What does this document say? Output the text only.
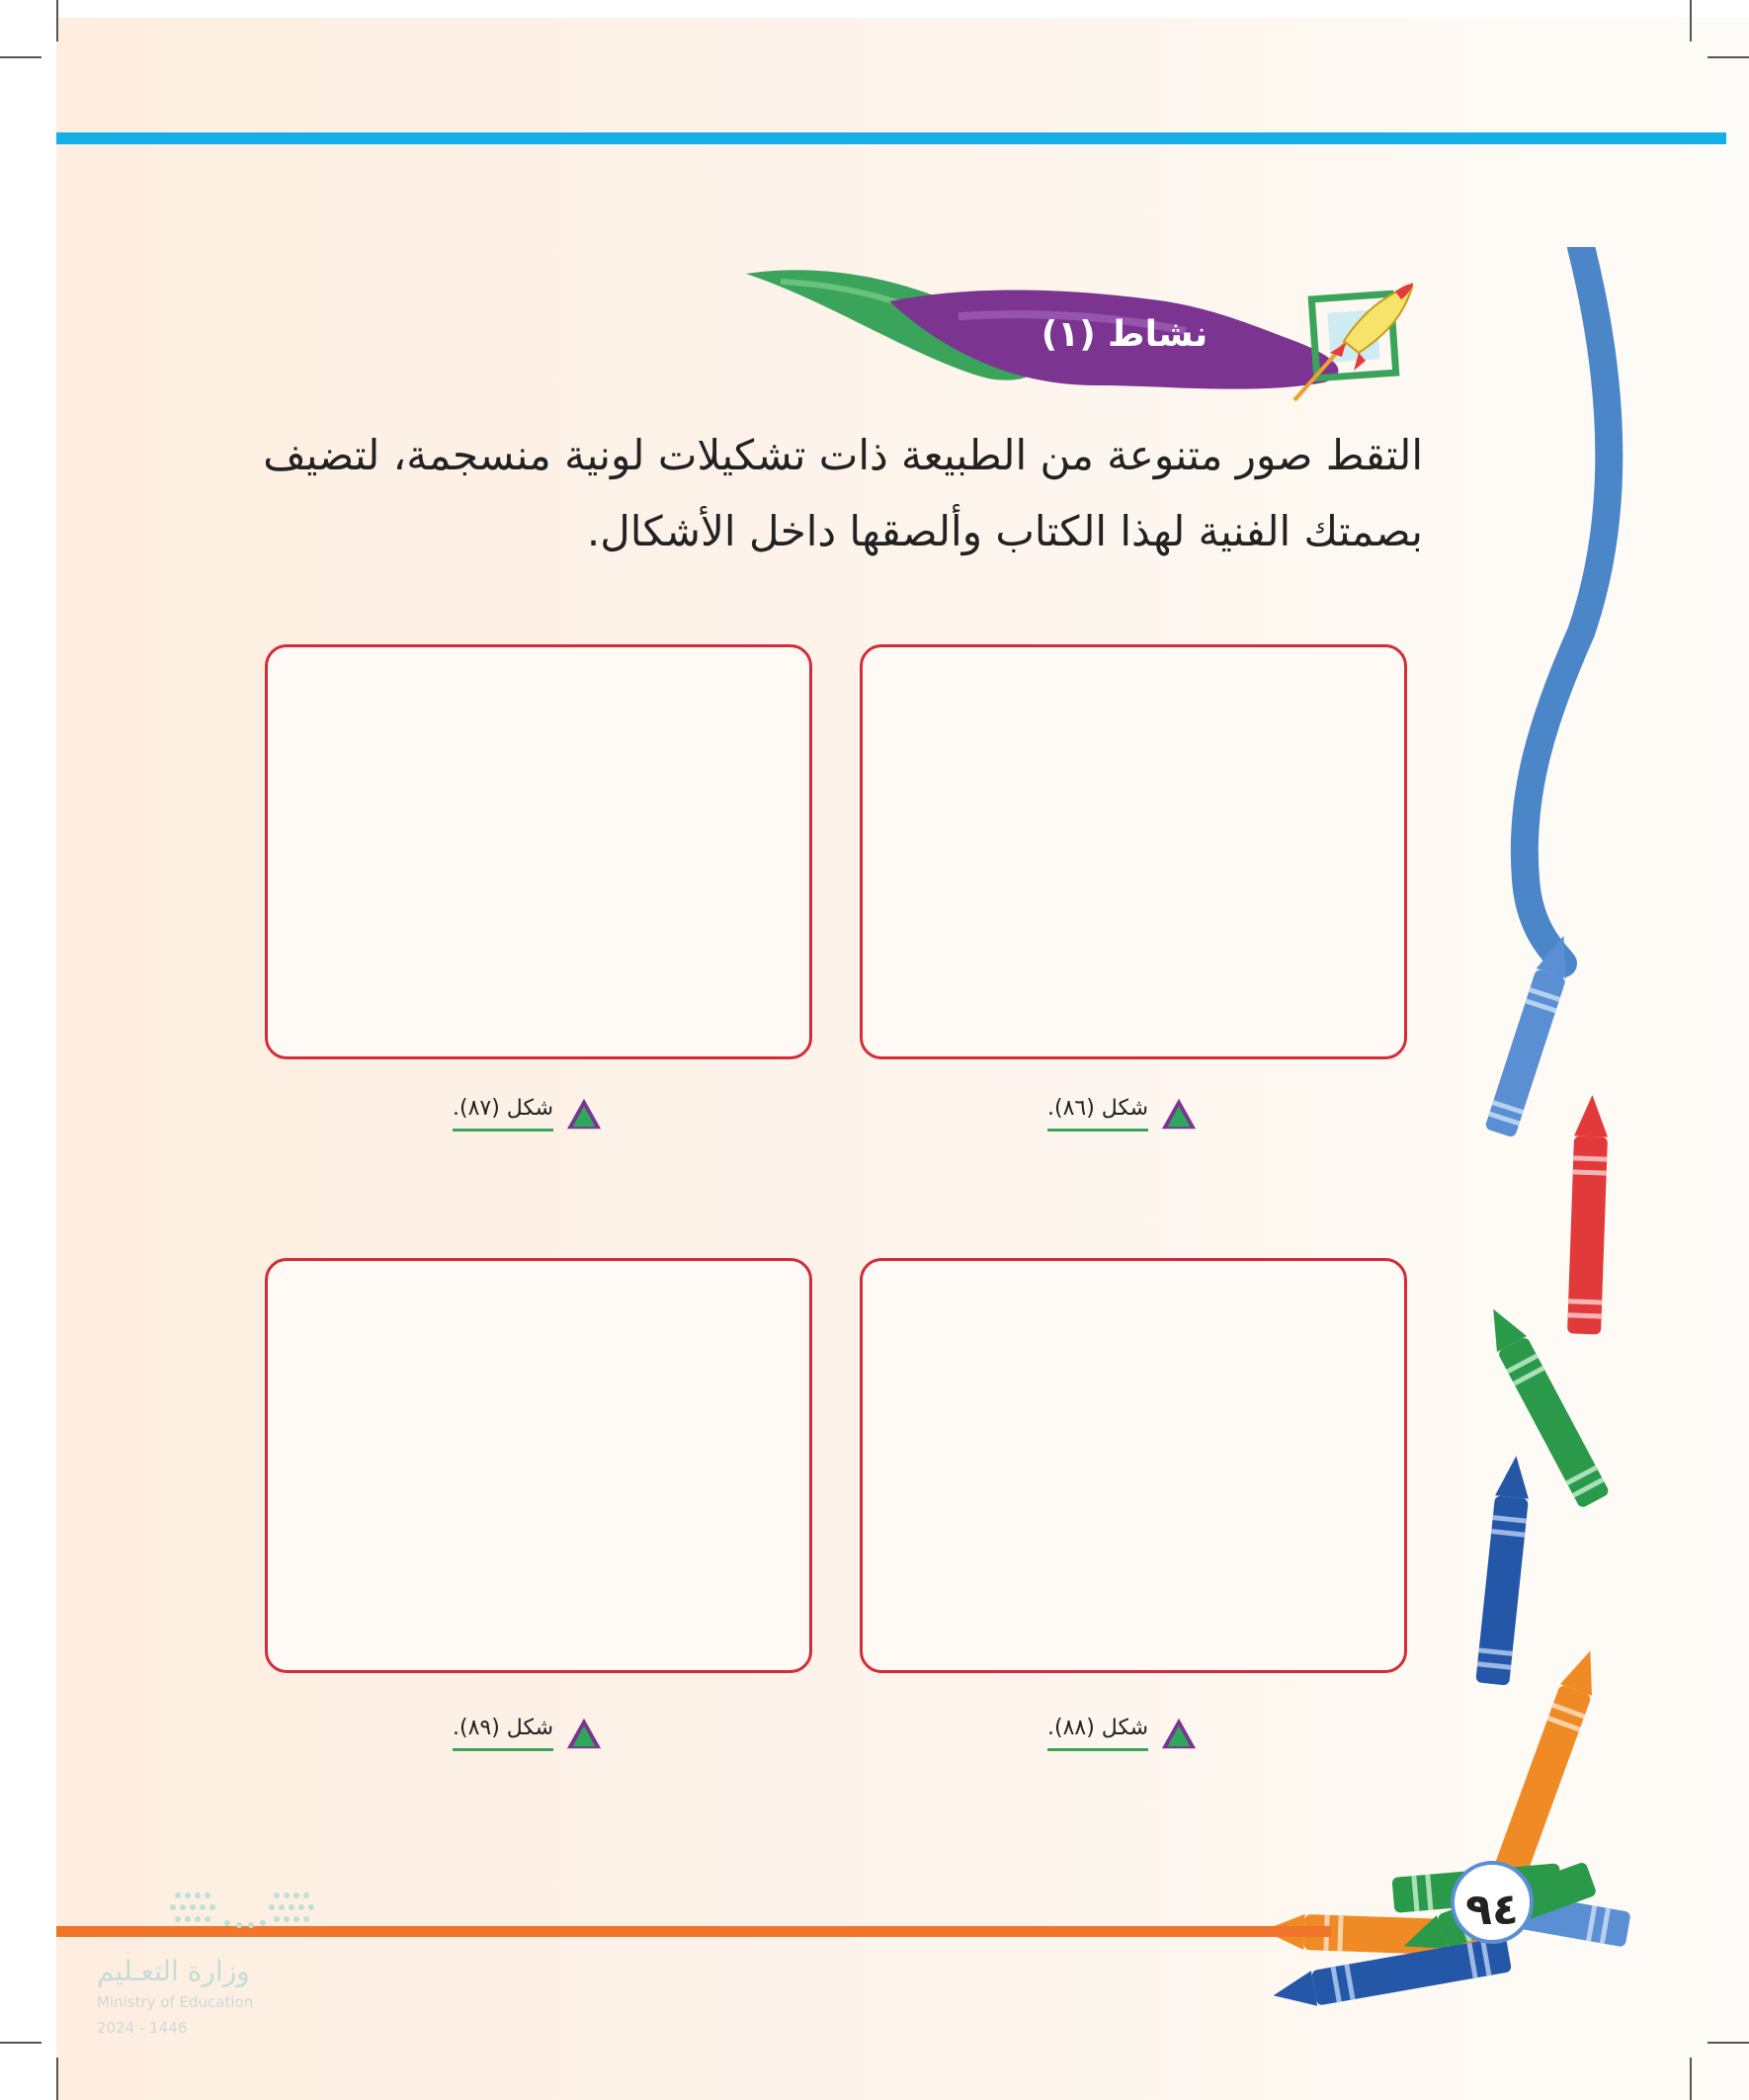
نشاط (١)

التقط صور متنوعة من الطبيعة ذات تشكيلات لونية منسجمة، لتضيف

بصمتك الفنية لهذا الكتاب وألصقها داخل الأشكال.

شكل (٨٦).
شكل (٨٧).
شكل (٨٨).
شكل (٨٩).
٩٤
وزارة التعـليم
Ministry of Education
2024 - 1446
